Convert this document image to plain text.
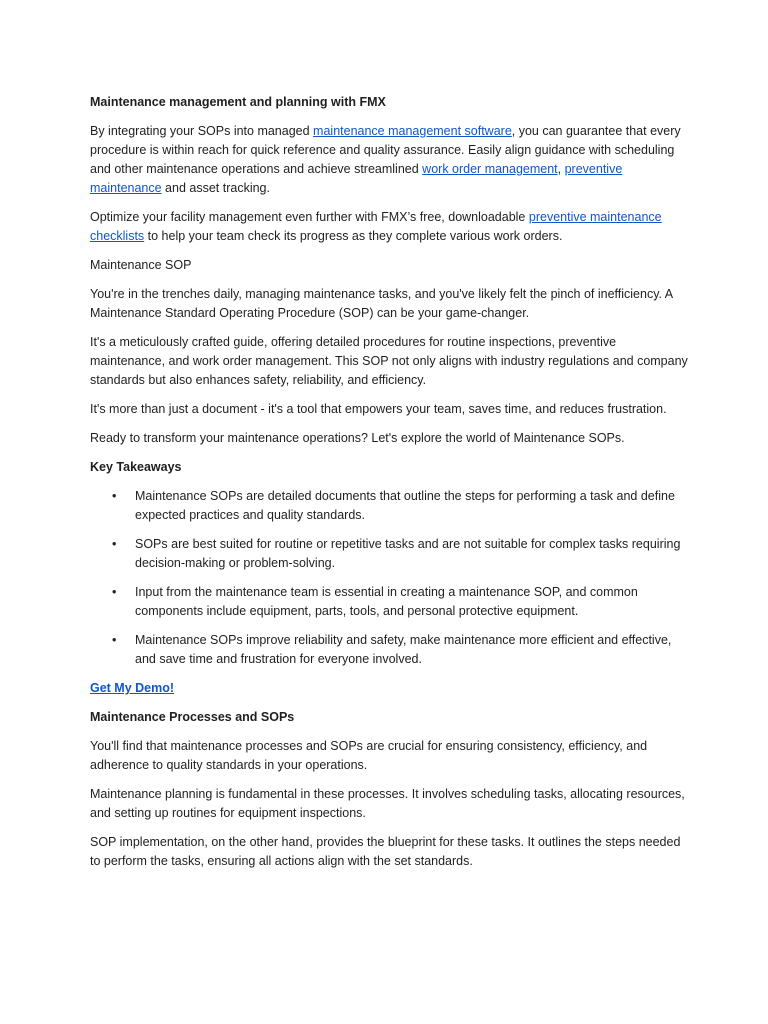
Maintenance management and planning with FMX

By integrating your SOPs into managed maintenance management software, you can guarantee that every procedure is within reach for quick reference and quality assurance. Easily align guidance with scheduling and other maintenance operations and achieve streamlined work order management, preventive maintenance and asset tracking.

Optimize your facility management even further with FMX’s free, downloadable preventive maintenance checklists to help your team check its progress as they complete various work orders.

Maintenance SOP

You're in the trenches daily, managing maintenance tasks, and you've likely felt the pinch of inefficiency. A Maintenance Standard Operating Procedure (SOP) can be your game-changer.

It's a meticulously crafted guide, offering detailed procedures for routine inspections, preventive maintenance, and work order management. This SOP not only aligns with industry regulations and company standards but also enhances safety, reliability, and efficiency.

It's more than just a document - it's a tool that empowers your team, saves time, and reduces frustration.

Ready to transform your maintenance operations? Let's explore the world of Maintenance SOPs.

Key Takeaways

• Maintenance SOPs are detailed documents that outline the steps for performing a task and define expected practices and quality standards.
• SOPs are best suited for routine or repetitive tasks and are not suitable for complex tasks requiring decision-making or problem-solving.
• Input from the maintenance team is essential in creating a maintenance SOP, and common components include equipment, parts, tools, and personal protective equipment.
• Maintenance SOPs improve reliability and safety, make maintenance more efficient and effective, and save time and frustration for everyone involved.

Get My Demo!

Maintenance Processes and SOPs

You'll find that maintenance processes and SOPs are crucial for ensuring consistency, efficiency, and adherence to quality standards in your operations.

Maintenance planning is fundamental in these processes. It involves scheduling tasks, allocating resources, and setting up routines for equipment inspections.

SOP implementation, on the other hand, provides the blueprint for these tasks. It outlines the steps needed to perform the tasks, ensuring all actions align with the set standards.
